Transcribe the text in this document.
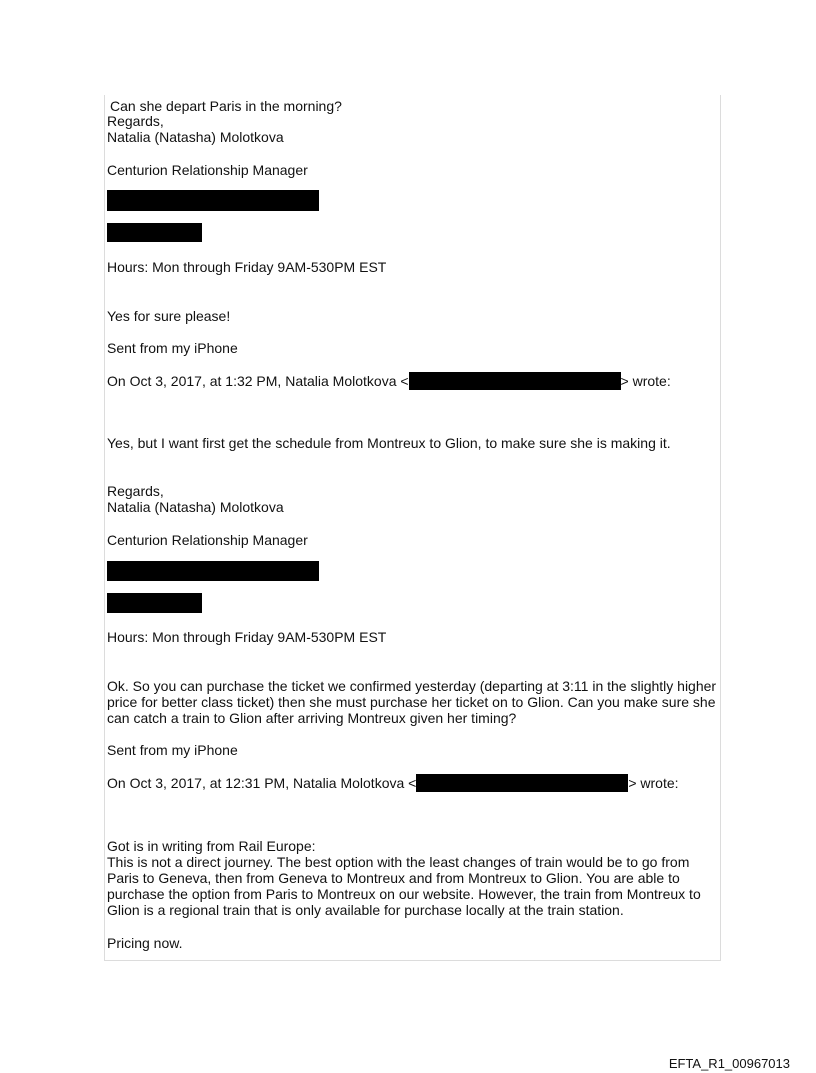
Can she depart Paris in the morning?

Regards,

Natalia (Natasha) Molotkova

Centurion Relationship Manager

Hours: Mon through Friday 9AM-530PM EST

Yes for sure please!

Sent from my iPhone

On Oct 3, 2017, at 1:32 PM, Natalia Molotkova <	> wrote:

Yes, but I want first get the schedule from Montreux to Glion, to make sure she is making it.

Regards,

Natalia (Natasha) Molotkova

Centurion Relationship Manager

Hours: Mon through Friday 9AM-530PM EST

Ok. So you can purchase the ticket we confirmed yesterday (departing at 3:11 in the slightly higher price for better class ticket) then she must purchase her ticket on to Glion. Can you make sure she can catch a train to Glion after arriving Montreux given her timing?

Sent from my iPhone

On Oct 3, 2017, at 12:31 PM, Natalia Molotkova <	> wrote:

Got is in writing from Rail Europe:

This is not a direct journey. The best option with the least changes of train would be to go from Paris to Geneva, then from Geneva to Montreux and from Montreux to Glion. You are able to purchase the option from Paris to Montreux on our website. However, the train from Montreux to Glion is a regional train that is only available for purchase locally at the train station.

Pricing now.

EFTA_R1_00967013
